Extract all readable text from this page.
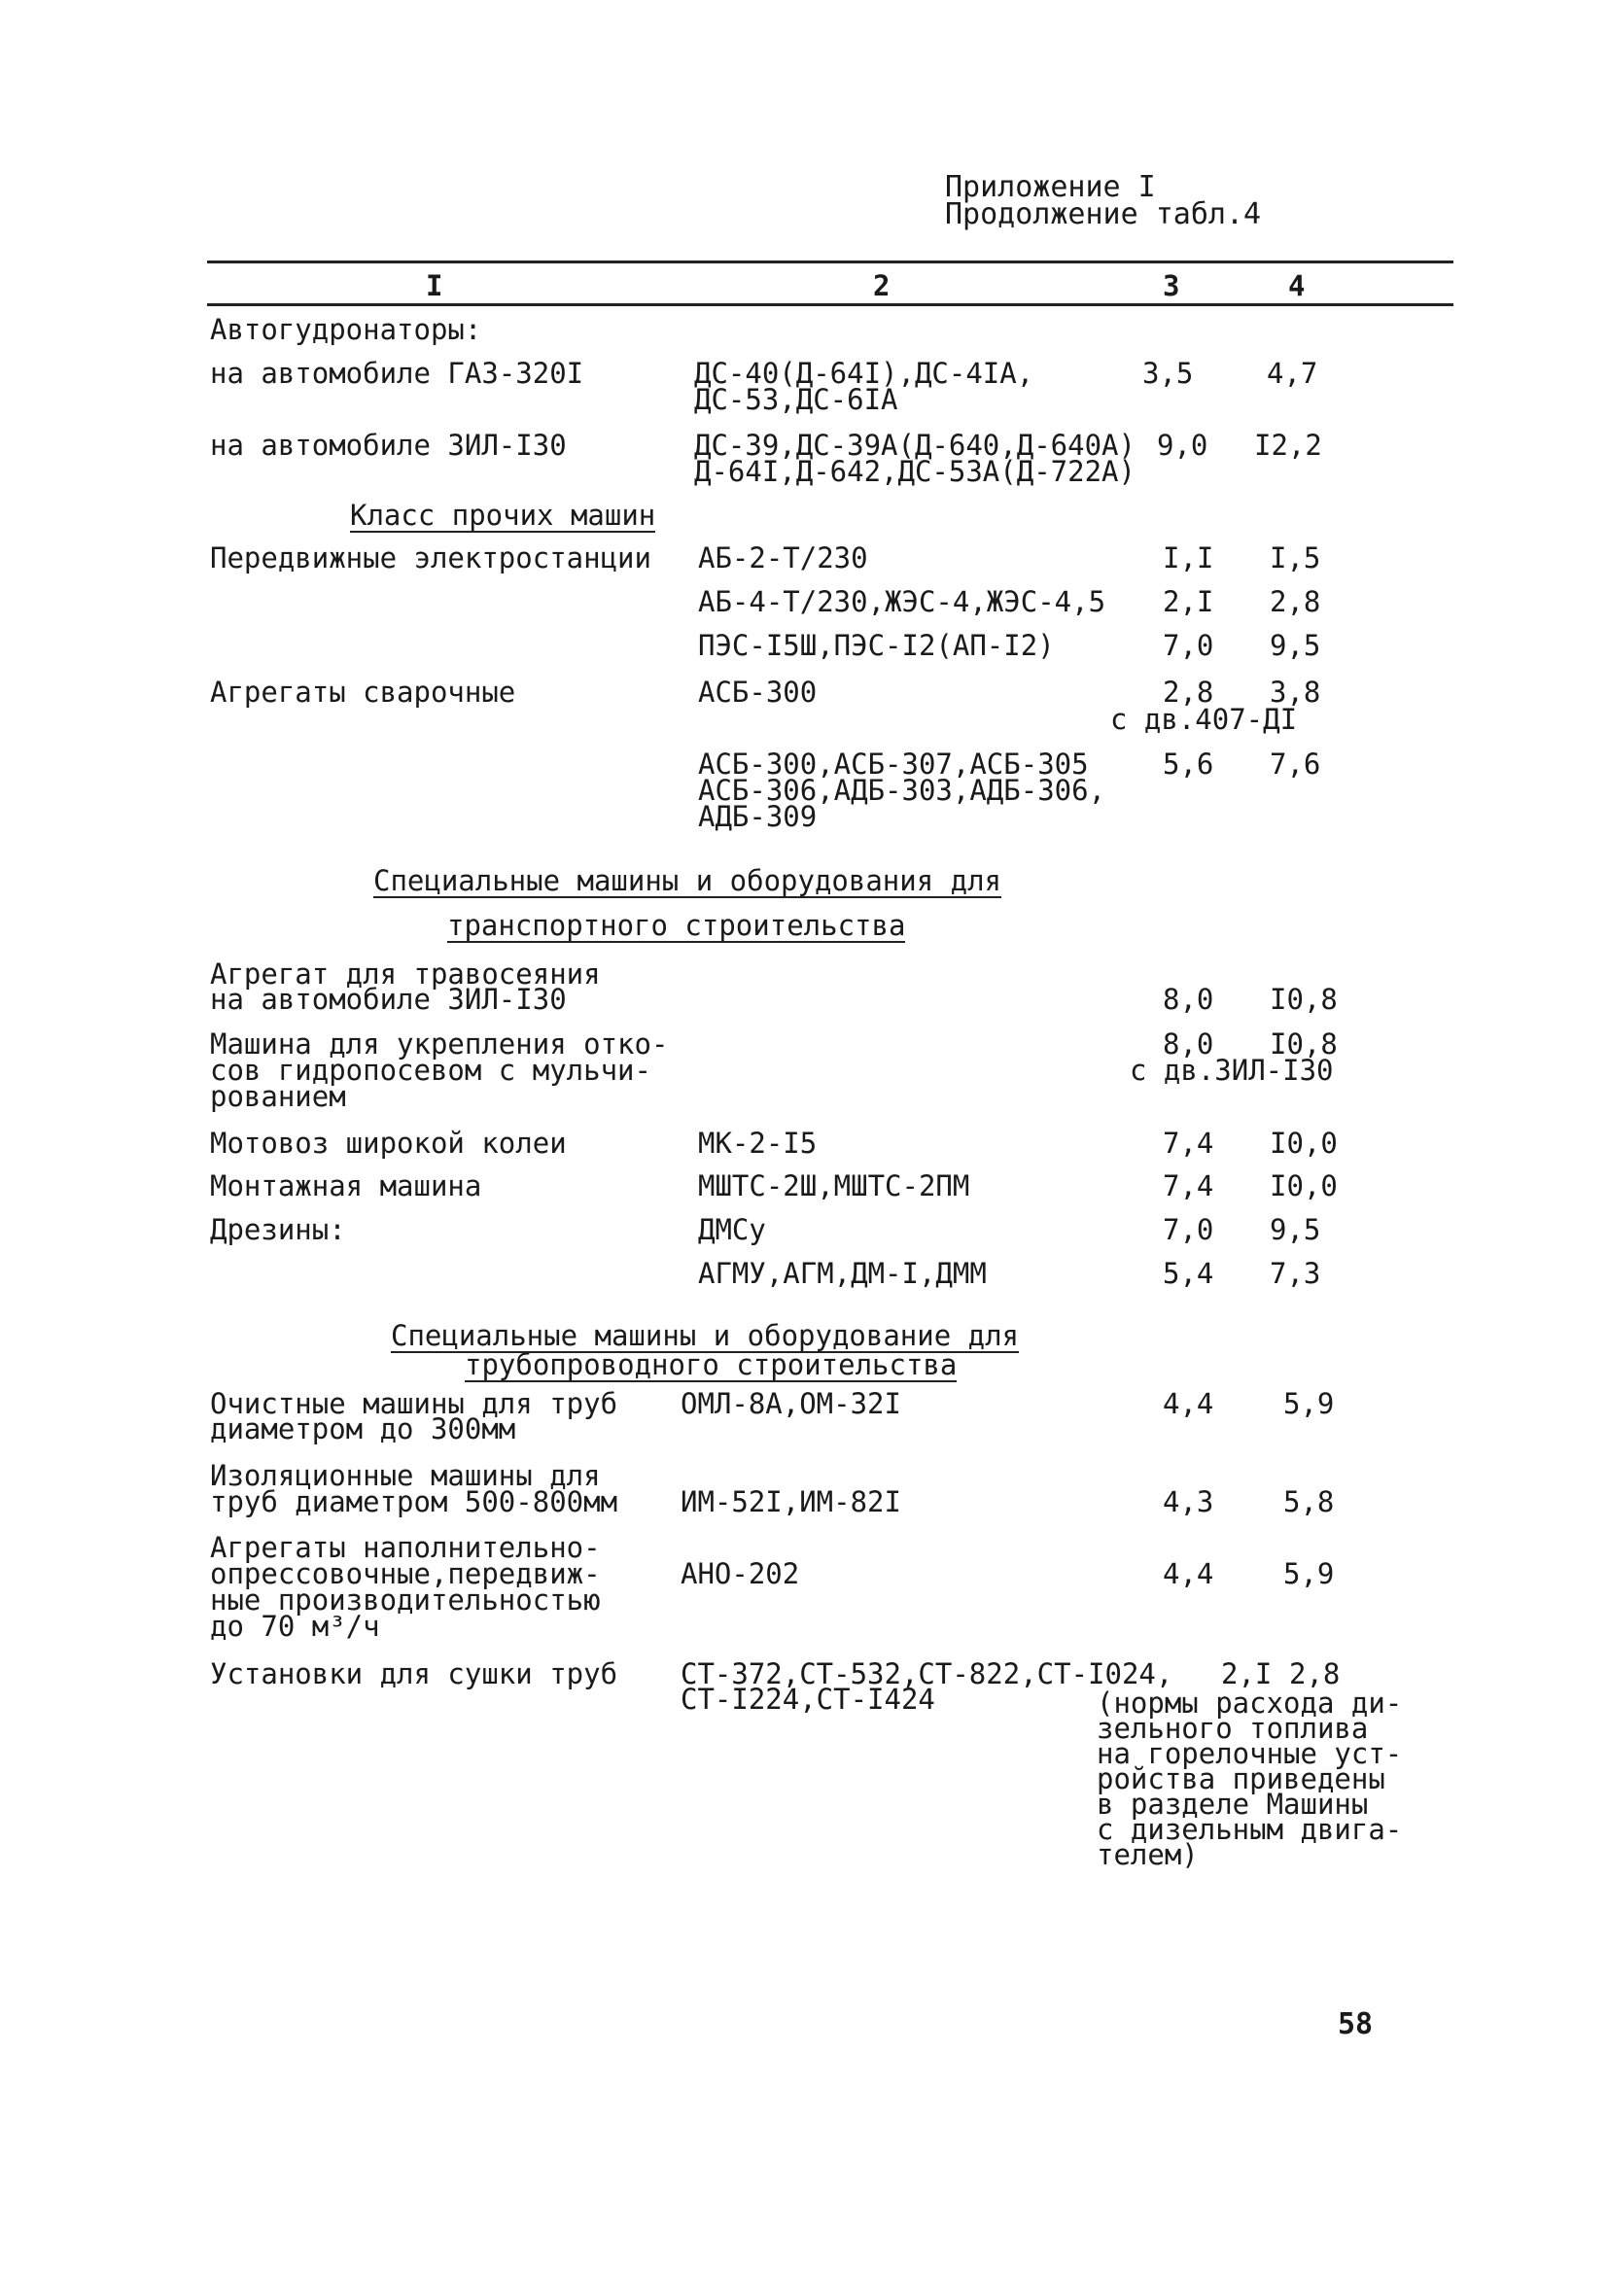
Приложение I
Продолжение табл.4
I	2	3	4
Автогудронаторы:
на автомобиле ГАЗ-320I	ДС-40(Д-64I),ДС-4IA,
ДС-53,ДС-6IA
3,5	4,7
на автомобиле ЗИЛ-I30	ДС-39,ДС-39A(Д-640,Д-640A)
Д-64I,Д-642,ДС-53A(Д-722A)
9,0 I2,2
Класс прочих машин
Передвижные электростанции АБ-2-Т/230	I,I I,5
АБ-4-Т/230,ЖЭС-4,ЖЭС-4,5 2,I 2,8
ПЭС-I5Ш,ПЭС-I2(АП-I2)	7,0 9,5
Агрегаты сварочные	АСБ-300	2,8 3,8
с дв.407-ДI
АСБ-300,АСБ-307,АСБ-305
АСБ-306,АДБ-303,АДБ-306,
АДБ-309
5,6 7,6
Специальные машины и оборудования для
транспортного строительства
Агрегат для травосеяния
на автомобиле ЗИЛ-I30	8,0 I0,8
Машина для укрепления отко-
сов гидропосевом с мульчи-
рованием
8,0 I0,8
с дв.ЗИЛ-I30
Мотовоз широкой колеи	МК-2-I5	7,4 I0,0
Монтажная машина	МШТС-2Ш,МШТС-2ПМ	7,4 I0,0
Дрезины:	ДМСу	7,0 9,5
АГМУ,АГМ,ДМ-I,ДММ	5,4 7,3
Специальные машины и оборудование для
трубопроводного строительства
Очистные машины для труб
диаметром до 300мм
ОМЛ-8А,ОМ-32I	4,4 5,9
Изоляционные машины для
труб диаметром 500-800мм ИМ-52I,ИМ-82I	4,3 5,8
Агрегаты наполнительно-
опрессовочные,передвиж-
ные производительностью
до 70 м³/ч
АНО-202	4,4 5,9
Установки для сушки труб СТ-372,СТ-532,СТ-822,СТ-I024,
СТ-I224,СТ-I424
2,I 2,8
(нормы расхода ди-
зельного топлива
на горелочные уст-
ройства приведены
в разделе Машины
с дизельным двига-
телем)
58
